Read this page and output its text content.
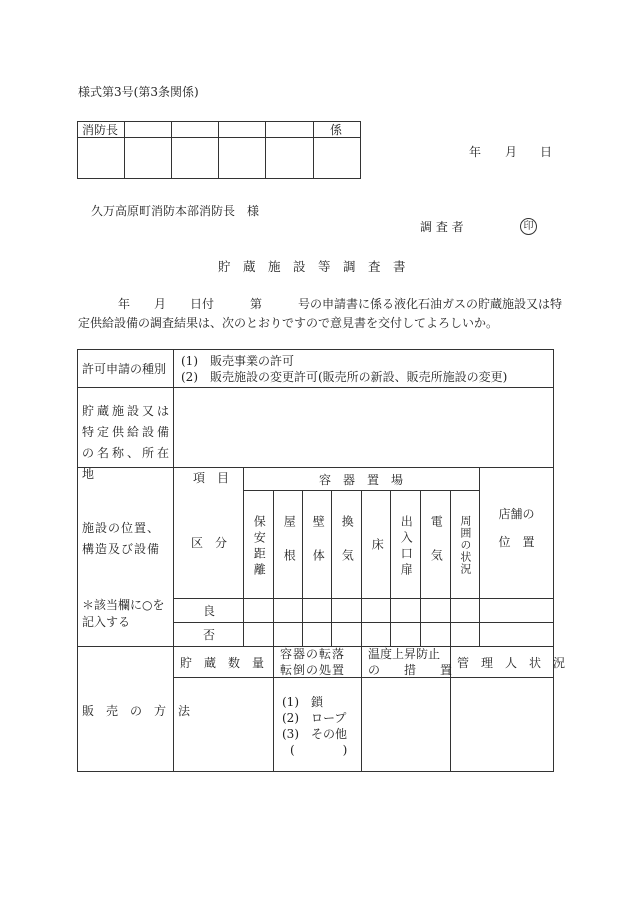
様式第3号(第3条関係)
消防長	係
年 月 日
久万高原町消防本部消防長　様
調 査 者	印
貯　蔵　施　設　等　調　査　書
年　　月　　日付　　　第　　　号の申請書に係る液化石油ガスの貯蔵施設又は特
定供給設備の調査結果は、次のとおりですので意見書を交付してよろしいか。
許可申請の種別
(1)　販売事業の許可
(2)　販売施設の変更許可(販売所の新設、販売所施設の変更)
貯蔵施設又は特定供給設備の名称、所在地
施設の位置、構造及び設備
＊該当欄に○を記入する
項　目
区　分
容　器　置　場
保安距離 屋根 壁体 換気 床 出入口扉 電気 周囲の状況
店舗の位　置
良
否
販　売　の　方　法
貯　蔵　数　量
容器の転落
転倒の処置
温度上昇防止
の　　措　　置 管　理　人　状　況
(1)　鎖
(2)　ロープ
(3)　その他
(　　　　)
